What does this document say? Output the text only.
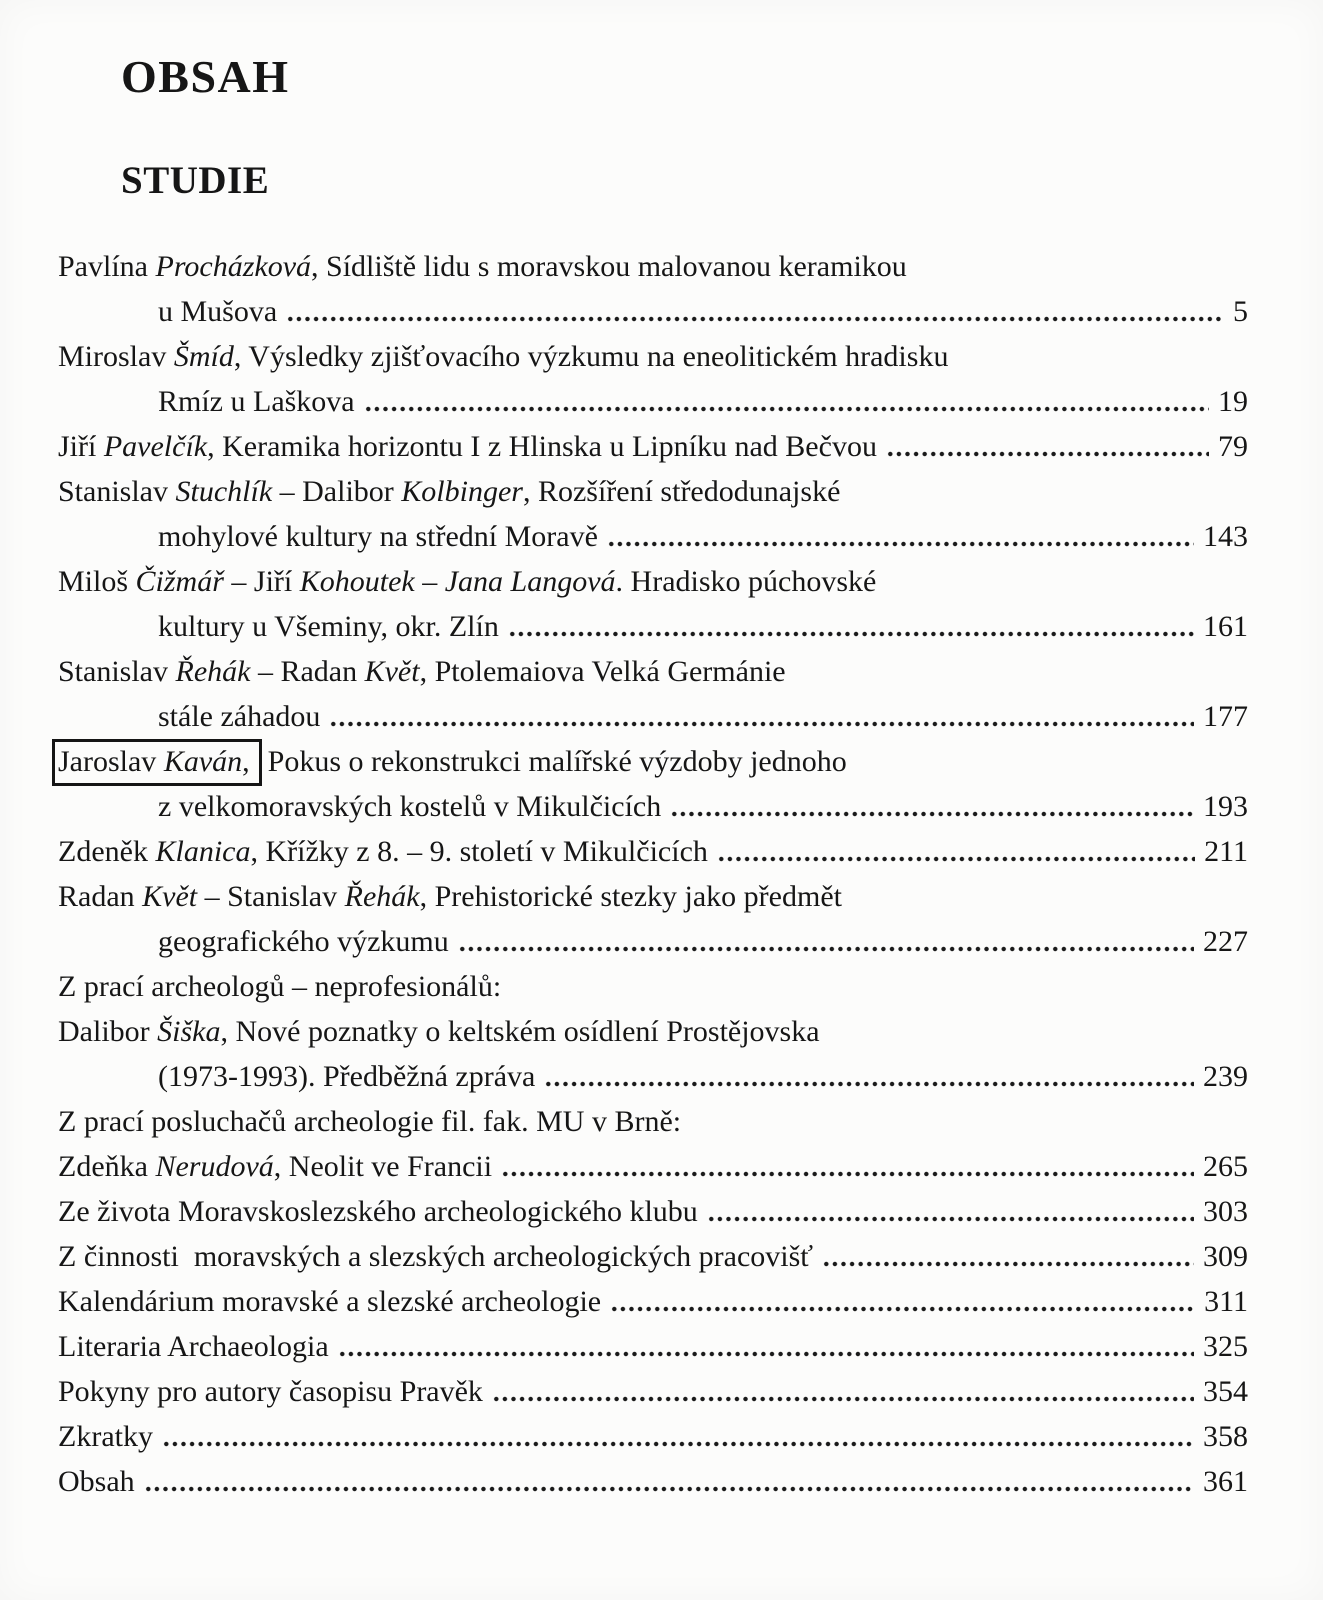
OBSAH
STUDIE
Pavlína Procházková, Sídliště lidu s moravskou malovanou keramikou
u Mušova	5
Miroslav Šmíd, Výsledky zjišťovacího výzkumu na eneolitickém hradisku
Rmíz u Laškova	19
Jiří Pavelčík, Keramika horizontu I z Hlinska u Lipníku nad Bečvou	79
Stanislav Stuchlík – Dalibor Kolbinger, Rozšíření středodunajské
mohylové kultury na střední Moravě	143
Miloš Čižmář – Jiří Kohoutek – Jana Langová. Hradisko púchovské
kultury u Všeminy, okr. Zlín	161
Stanislav Řehák – Radan Květ, Ptolemaiova Velká Germánie
stále záhadou	177
Jaroslav Kaván, Pokus o rekonstrukci malířské výzdoby jednoho
z velkomoravských kostelů v Mikulčicích	193
Zdeněk Klanica, Křížky z 8. – 9. století v Mikulčicích	211
Radan Květ – Stanislav Řehák, Prehistorické stezky jako předmět
geografického výzkumu	227
Z prací archeologů – neprofesionálů:
Dalibor Šiška, Nové poznatky o keltském osídlení Prostějovska
(1973-1993). Předběžná zpráva	239
Z prací posluchačů archeologie fil. fak. MU v Brně:
Zdeňka Nerudová, Neolit ve Francii	265
Ze života Moravskoslezského archeologického klubu	303
Z činnosti  moravských a slezských archeologických pracovišť	309
Kalendárium moravské a slezské archeologie	311
Literaria Archaeologia	325
Pokyny pro autory časopisu Pravěk	354
Zkratky	358
Obsah	361
